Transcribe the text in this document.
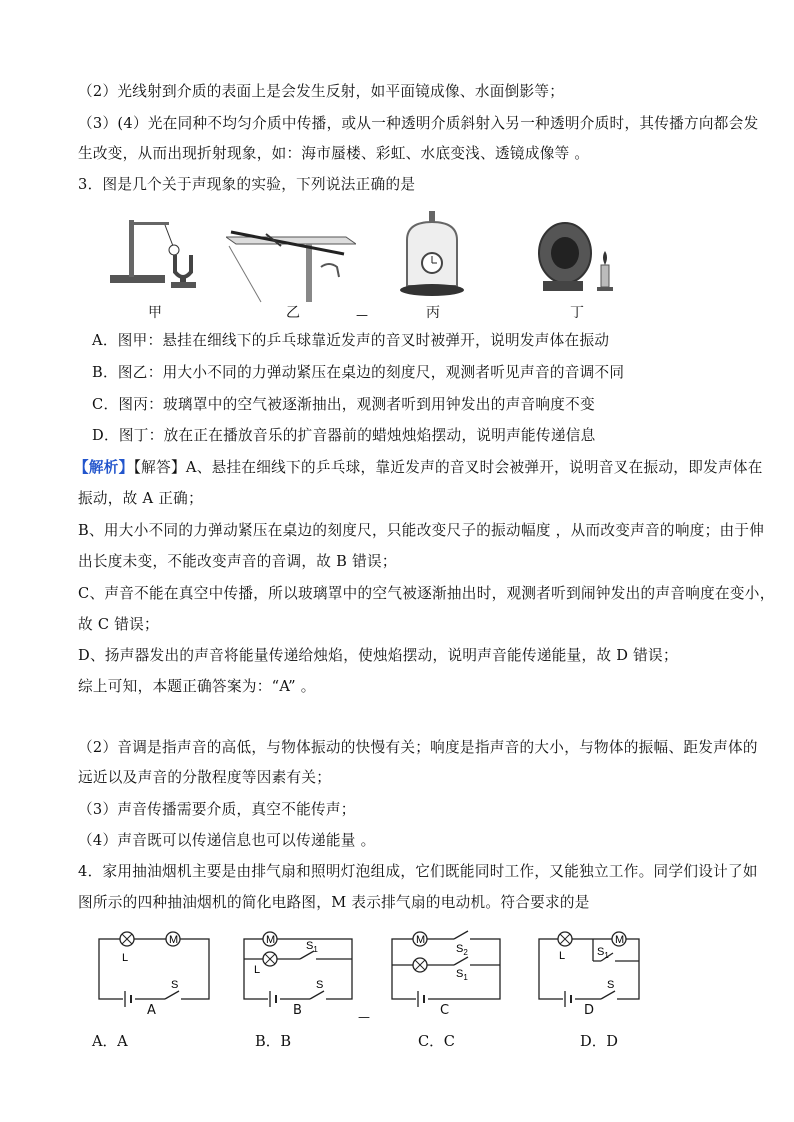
（2）光线射到介质的表面上是会发生反射，如平面镜成像、水面倒影等；
（3）(4）光在同种不均匀介质中传播，或从一种透明介质斜射入另一种透明介质时，其传播方向都会发
生改变，从而出现折射现象，如：海市蜃楼、彩虹、水底变浅、透镜成像等 。
3．图是几个关于声现象的实验，下列说法正确的是
甲	乙	丙	丁
—
A．图甲：悬挂在细线下的乒乓球靠近发声的音叉时被弹开，说明发声体在振动
B．图乙：用大小不同的力弹动紧压在桌边的刻度尺，观测者听见声音的音调不同
C．图丙：玻璃罩中的空气被逐渐抽出，观测者听到用钟发出的声音响度不变
D．图丁：放在正在播放音乐的扩音器前的蜡烛烛焰摆动，说明声能传递信息
【解析】【解答】A、悬挂在细线下的乒乓球，靠近发声的音叉时会被弹开，说明音叉在振动，即发声体在
振动，故 A 正确；
B、用大小不同的力弹动紧压在桌边的刻度尺，只能改变尺子的振动幅度 ，从而改变声音的响度；由于伸
出长度未变，不能改变声音的音调，故 B 错误；
C、声音不能在真空中传播，所以玻璃罩中的空气被逐渐抽出时，观测者听到闹钟发出的声音响度在变小，
故 C 错误；
D、扬声器发出的声音将能量传递给烛焰，使烛焰摆动，说明声音能传递能量，故 D 错误；
综上可知，本题正确答案为：“A” 。
（2）音调是指声音的高低，与物体振动的快慢有关；响度是指声音的大小，与物体的振幅、距发声体的
远近以及声音的分散程度等因素有关；
（3）声音传播需要介质，真空不能传声；
（4）声音既可以传递信息也可以传递能量 。
4．家用抽油烟机主要是由排气扇和照明灯泡组成，它们既能同时工作，又能独立工作。同学们设计了如
图所示的四种抽油烟机的简化电路图，M 表示排气扇的电动机。符合要求的是
M
L
S
A
M
L
$S_1$
S
B
M
$S_2$
$S_1$
C
—
L
M
$S_1$
S
D
A．A	B．B	C．C	D．D
